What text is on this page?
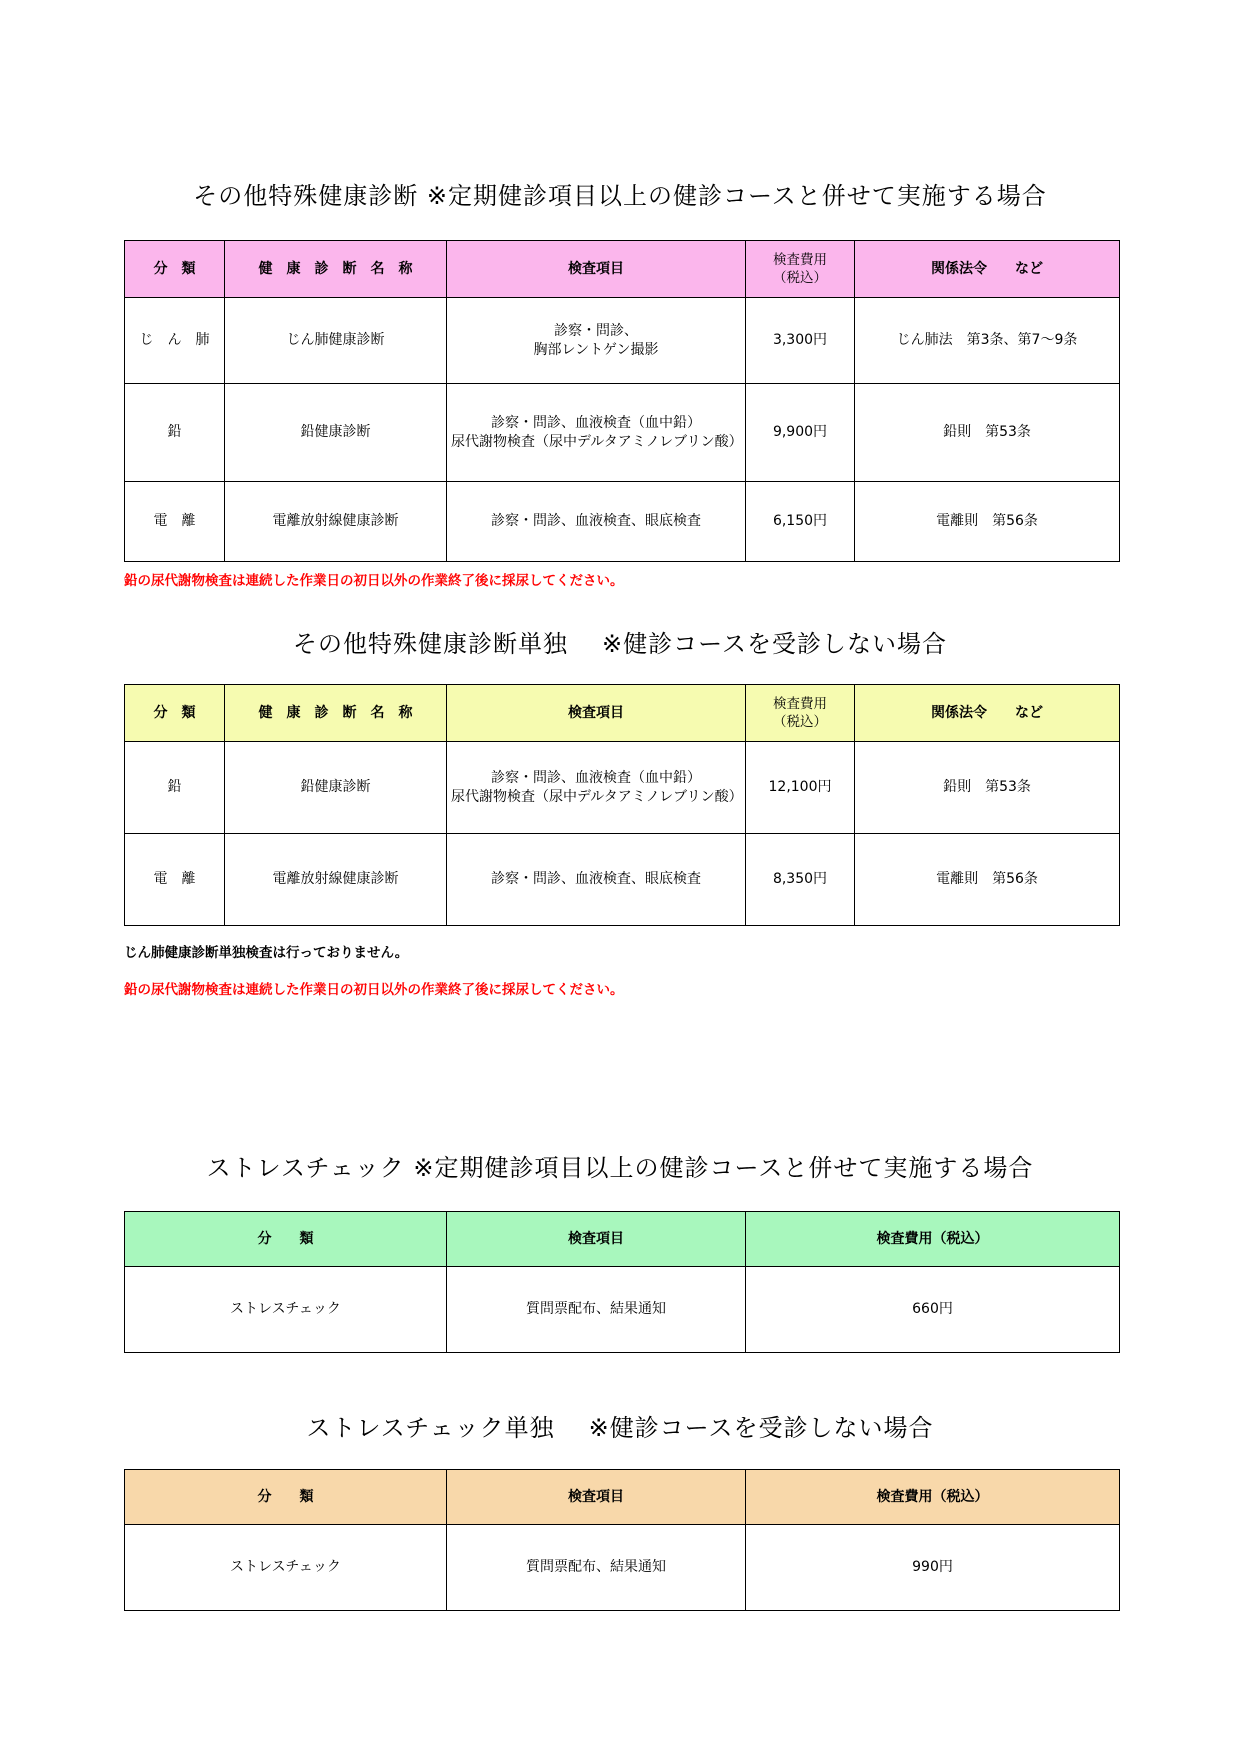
その他特殊健康診断 ※定期健診項目以上の健診コースと併せて実施する場合
分　類	健　康　診　断　名　称	検査項目	検査費用
（税込）	関係法令　　など
じ　ん　肺	じん肺健康診断	診察・問診、
胸部レントゲン撮影	3,300円	じん肺法　第3条、第7～9条
鉛	鉛健康診断	診察・問診、血液検査（血中鉛）
尿代謝物検査（尿中デルタアミノレブリン酸）	9,900円	鉛則　第53条
電　離	電離放射線健康診断	診察・問診、血液検査、眼底検査	6,150円	電離則　第56条
鉛の尿代謝物検査は連続した作業日の初日以外の作業終了後に採尿してください。
その他特殊健康診断単独 ※健診コースを受診しない場合
分　類	健　康　診　断　名　称	検査項目	検査費用
（税込）	関係法令　　など
鉛	鉛健康診断	診察・問診、血液検査（血中鉛）
尿代謝物検査（尿中デルタアミノレブリン酸）	12,100円	鉛則　第53条
電　離	電離放射線健康診断	診察・問診、血液検査、眼底検査	8,350円	電離則　第56条
じん肺健康診断単独検査は行っておりません。
鉛の尿代謝物検査は連続した作業日の初日以外の作業終了後に採尿してください。
ストレスチェック ※定期健診項目以上の健診コースと併せて実施する場合
分　　類	検査項目	検査費用（税込）
ストレスチェック	質問票配布、結果通知	660円
ストレスチェック単独 ※健診コースを受診しない場合
分　　類	検査項目	検査費用（税込）
ストレスチェック	質問票配布、結果通知	990円
